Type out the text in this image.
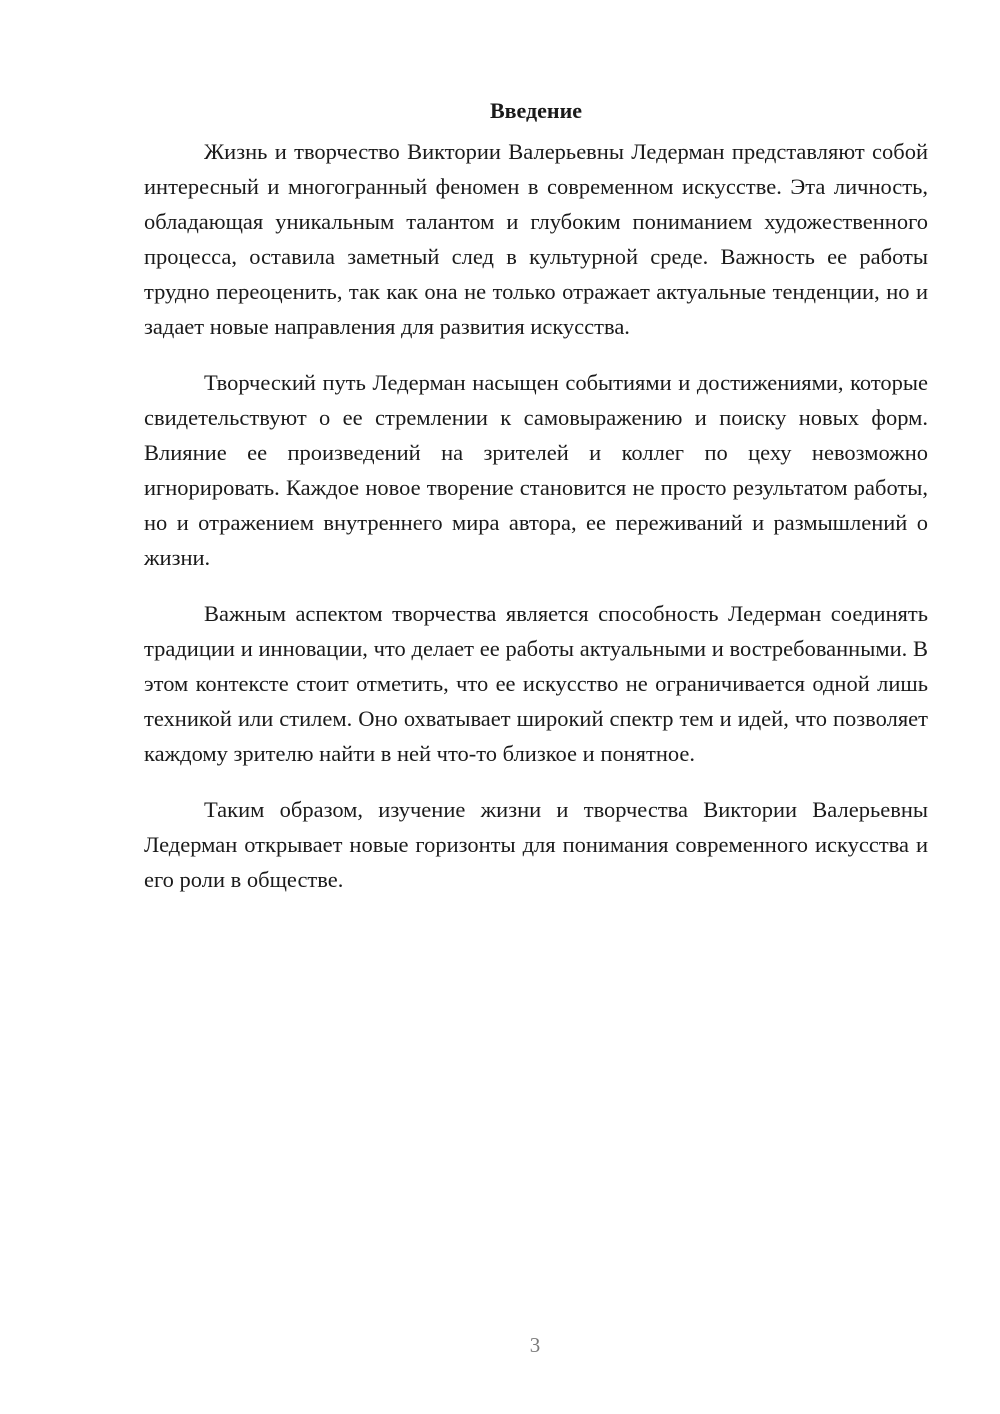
Введение

Жизнь и творчество Виктории Валерьевны Ледерман представляют собой интересный и многогранный феномен в современном искусстве. Эта личность, обладающая уникальным талантом и глубоким пониманием художественного процесса, оставила заметный след в культурной среде. Важность ее работы трудно переоценить, так как она не только отражает актуальные тенденции, но и задает новые направления для развития искусства.

Творческий путь Ледерман насыщен событиями и достижениями, которые свидетельствуют о ее стремлении к самовыражению и поиску новых форм. Влияние ее произведений на зрителей и коллег по цеху невозможно игнорировать. Каждое новое творение становится не просто результатом работы, но и отражением внутреннего мира автора, ее переживаний и размышлений о жизни.

Важным аспектом творчества является способность Ледерман соединять традиции и инновации, что делает ее работы актуальными и востребованными. В этом контексте стоит отметить, что ее искусство не ограничивается одной лишь техникой или стилем. Оно охватывает широкий спектр тем и идей, что позволяет каждому зрителю найти в ней что-то близкое и понятное.

Таким образом, изучение жизни и творчества Виктории Валерьевны Ледерман открывает новые горизонты для понимания современного искусства и его роли в обществе.

3
